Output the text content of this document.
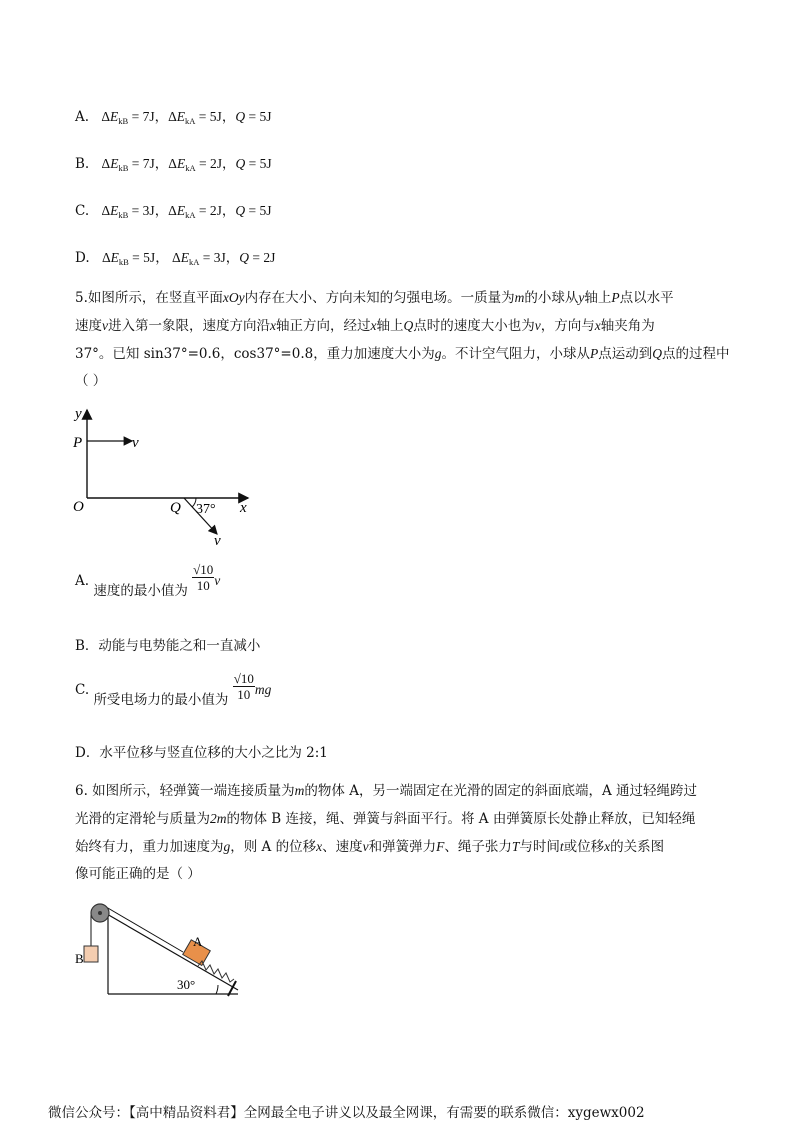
A. $\Delta E_{kB} = 7J$，$\Delta E_{kA} = 5J$，Q = 5J
B. $\Delta E_{kB} = 7J$，$\Delta E_{kA} = 2J$，Q = 5J
C. $\Delta E_{kB} = 3J$，$\Delta E_{kA} = 2J$，Q = 5J
D. $\Delta E_{kB} = 5J$， $\Delta E_{kA} = 3J$，Q = 2J
5.如图所示，在竖直平面xOy内存在大小、方向未知的匀强电场。一质量为m的小球从y轴上P点以水平
速度v进入第一象限，速度方向沿x轴正方向，经过x轴上Q点时的速度大小也为v，方向与x轴夹角为
37°。已知 sin37°=0.6，cos37°=0.8，重力加速度大小为g。不计空气阻力，小球从P点运动到Q点的过程中
（ ）
y
P	v
O	Q 37° x
v
A. 速度的最小值为 $\frac{√10}{10}$ v
B．动能与电势能之和一直减小
C. 所受电场力的最小值为 $\frac{√10}{10}$ mg
D．水平位移与竖直位移的大小之比为 2:1
6. 如图所示，轻弹簧一端连接质量为m的物体 A，另一端固定在光滑的固定的斜面底端，A 通过轻绳跨过
光滑的定滑轮与质量为2m的物体 B 连接，绳、弹簧与斜面平行。将 A 由弹簧原长处静止释放，已知轻绳
始终有力，重力加速度为g，则 A 的位移x、速度v和弹簧弹力F、绳子张力T与时间t或位移x的关系图
像可能正确的是（ ）
B
A
30°
微信公众号：【高中精品资料君】全网最全电子讲义以及最全网课，有需要的联系微信：xygewx002
